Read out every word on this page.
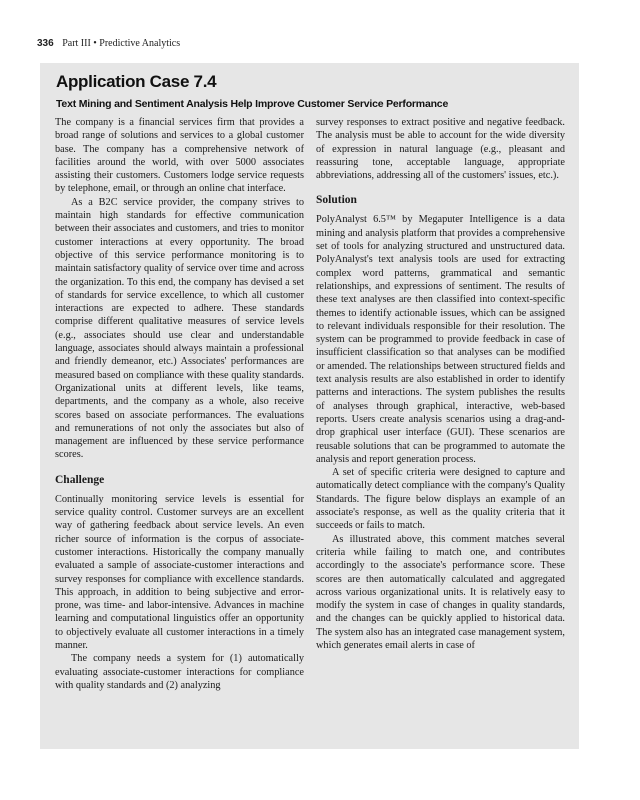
336 Part III • Predictive Analytics
Application Case 7.4
Text Mining and Sentiment Analysis Help Improve Customer Service Performance

The company is a financial services firm that provides a broad range of solutions and services to a global customer base. The company has a comprehensive network of facilities around the world, with over 5000 associates assisting their customers. Customers lodge service requests by telephone, email, or through an online chat interface.

As a B2C service provider, the company strives to maintain high standards for effective communication between their associates and customers, and tries to monitor customer interactions at every opportunity. The broad objective of this service performance monitoring is to maintain satisfactory quality of service over time and across the organization. To this end, the company has devised a set of standards for service excellence, to which all customer interactions are expected to adhere. These standards comprise different qualitative measures of service levels (e.g., associates should use clear and understandable language, associates should always maintain a professional and friendly demeanor, etc.) Associates' performances are measured based on compliance with these quality standards. Organizational units at different levels, like teams, departments, and the company as a whole, also receive scores based on associate performances. The evaluations and remunerations of not only the associates but also of management are influenced by these service performance scores.

Challenge

Continually monitoring service levels is essential for service quality control. Customer surveys are an excellent way of gathering feedback about service levels. An even richer source of information is the corpus of associate-customer interactions. Historically the company manually evaluated a sample of associate-customer interactions and survey responses for compliance with excellence standards. This approach, in addition to being subjective and error-prone, was time- and labor-intensive. Advances in machine learning and computational linguistics offer an opportunity to objectively evaluate all customer interactions in a timely manner.

The company needs a system for (1) automatically evaluating associate-customer interactions for compliance with quality standards and (2) analyzing

survey responses to extract positive and negative feedback. The analysis must be able to account for the wide diversity of expression in natural language (e.g., pleasant and reassuring tone, acceptable language, appropriate abbreviations, addressing all of the customers' issues, etc.).

Solution

PolyAnalyst 6.5™ by Megaputer Intelligence is a data mining and analysis platform that provides a comprehensive set of tools for analyzing structured and unstructured data. PolyAnalyst's text analysis tools are used for extracting complex word patterns, grammatical and semantic relationships, and expressions of sentiment. The results of these text analyses are then classified into context-specific themes to identify actionable issues, which can be assigned to relevant individuals responsible for their resolution. The system can be programmed to provide feedback in case of insufficient classification so that analyses can be modified or amended. The relationships between structured fields and text analysis results are also established in order to identify patterns and interactions. The system publishes the results of analyses through graphical, interactive, web-based reports. Users create analysis scenarios using a drag-and-drop graphical user interface (GUI). These scenarios are reusable solutions that can be programmed to automate the analysis and report generation process.

A set of specific criteria were designed to capture and automatically detect compliance with the company's Quality Standards. The figure below displays an example of an associate's response, as well as the quality criteria that it succeeds or fails to match.

As illustrated above, this comment matches several criteria while failing to match one, and contributes accordingly to the associate's performance score. These scores are then automatically calculated and aggregated across various organizational units. It is relatively easy to modify the system in case of changes in quality standards, and the changes can be quickly applied to historical data. The system also has an integrated case management system, which generates email alerts in case of
